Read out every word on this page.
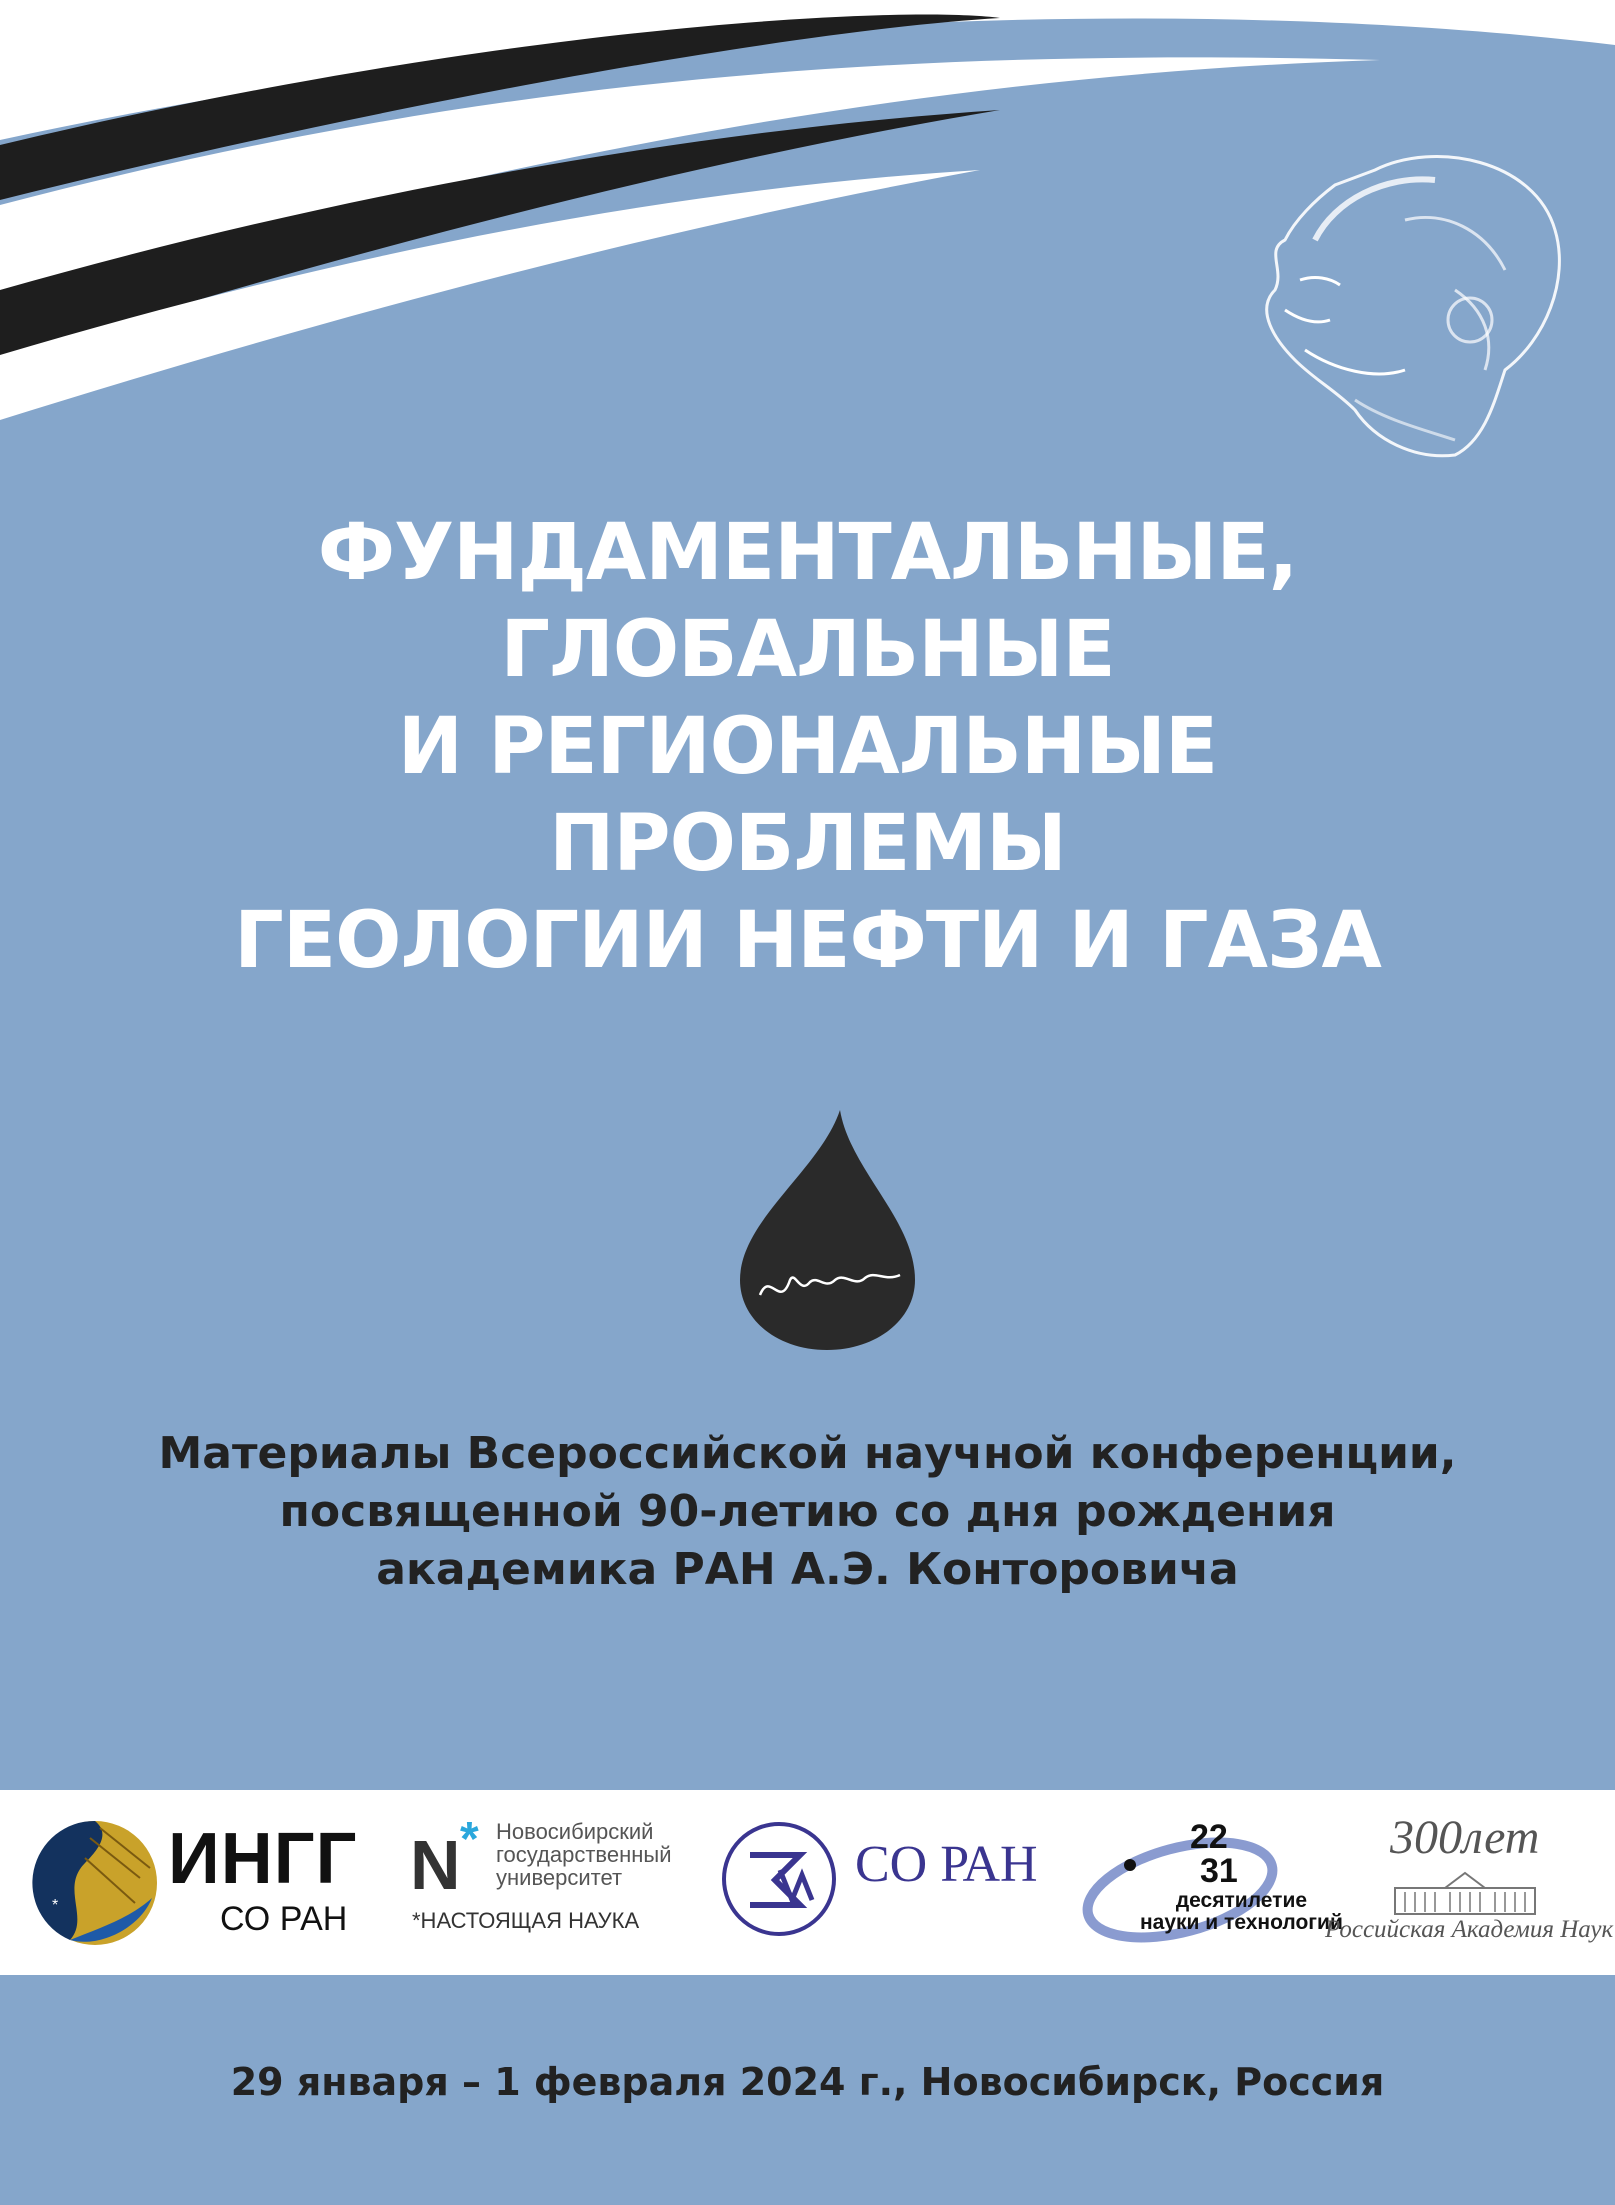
ФУНДАМЕНТАЛЬНЫЕ,
ГЛОБАЛЬНЫЕ
И РЕГИОНАЛЬНЫЕ
ПРОБЛЕМЫ
ГЕОЛОГИИ НЕФТИ И ГАЗА
Материалы Всероссийской научной конференции,
посвященной 90-летию со дня рождения
академика РАН А.Э. Конторовича
*
ИНГГ
СО РАН
N * Новосибирский
государственный
университет
*НАСТОЯЩАЯ НАУКА
СО РАН	22
31
десятилетие
науки и технологий
300лет
Российская Академия Наук
29 января – 1 февраля 2024 г., Новосибирск, Россия
